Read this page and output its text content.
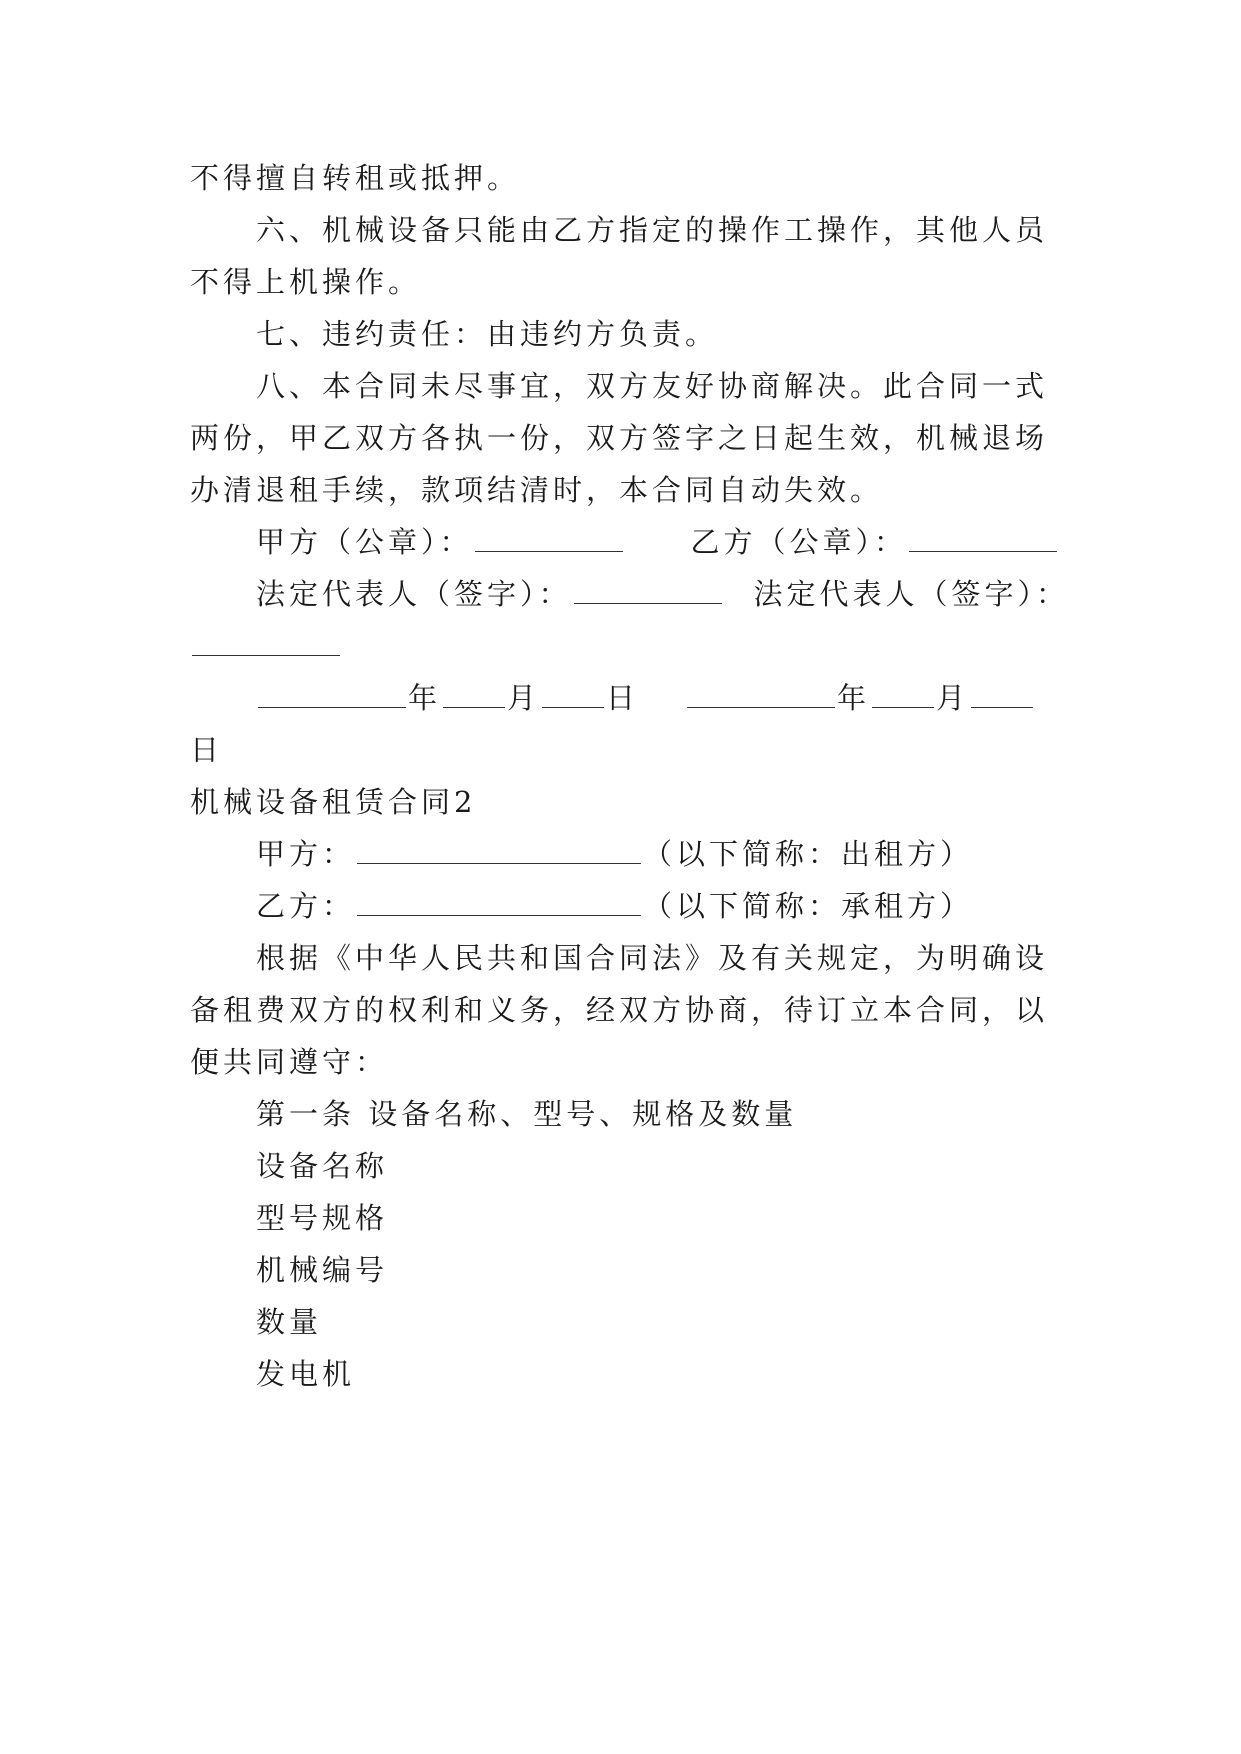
不得擅自转租或抵押。
六、机械设备只能由乙方指定的操作工操作，其他人员
不得上机操作。
七、违约责任：由违约方负责。
八、本合同未尽事宜，双方友好协商解决。此合同一式
两份，甲乙双方各执一份，双方签字之日起生效，机械退场
办清退租手续，款项结清时，本合同自动失效。
甲方（公章）：	乙方（公章）：
法定代表人（签字）：	法定代表人（签字）：
年 月 日	年 月
日
机械设备租赁合同2
甲方：	（以下简称：出租方）
乙方：	（以下简称：承租方）
根据《中华人民共和国合同法》及有关规定，为明确设
备租费双方的权利和义务，经双方协商，待订立本合同，以
便共同遵守：
第一条 设备名称、型号、规格及数量
设备名称
型号规格
机械编号
数量
发电机
